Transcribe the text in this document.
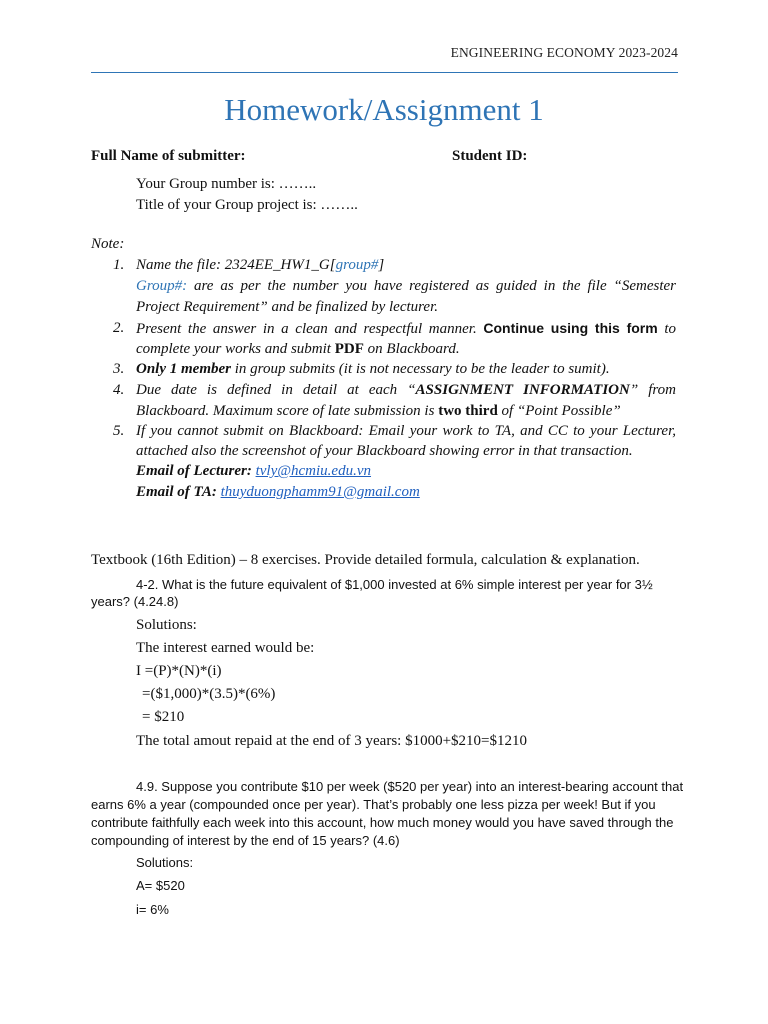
ENGINEERING ECONOMY 2023-2024
Homework/Assignment 1
Full Name of submitter:	Student ID:
Your Group number is: ……..
Title of your Group project is: ……..
Note:
1. Name the file: 2324EE_HW1_G[group#]
Group#: are as per the number you have registered as guided in the file “Semester
Project Requirement” and be finalized by lecturer.
2. Present the answer in a clean and respectful manner. Continue using this form to
complete your works and submit PDF on Blackboard.
3. Only 1 member in group submits (it is not necessary to be the leader to sumit).
4. Due date is defined in detail at each “ASSIGNMENT INFORMATION” from
Blackboard. Maximum score of late submission is two third of “Point Possible”
5. If you cannot submit on Blackboard: Email your work to TA, and CC to your Lecturer,
attached also the screenshot of your Blackboard showing error in that transaction.
Email of Lecturer: tvly@hcmiu.edu.vn
Email of TA: thuyduongphamm91@gmail.com
Textbook (16th Edition) – 8 exercises. Provide detailed formula, calculation & explanation.
4-2. What is the future equivalent of $1,000 invested at 6% simple interest per year for 3½
years? (4.24.8)
Solutions:
The interest earned would be:
I =(P)*(N)*(i)
=($1,000)*(3.5)*(6%)
= $210
The total amout repaid at the end of 3 years: $1000+$210=$1210
4.9. Suppose you contribute $10 per week ($520 per year) into an interest-bearing account that
earns 6% a year (compounded once per year). That’s probably one less pizza per week! But if you
contribute faithfully each week into this account, how much money would you have saved through the
compounding of interest by the end of 15 years? (4.6)
Solutions:
A= $520
i= 6%
